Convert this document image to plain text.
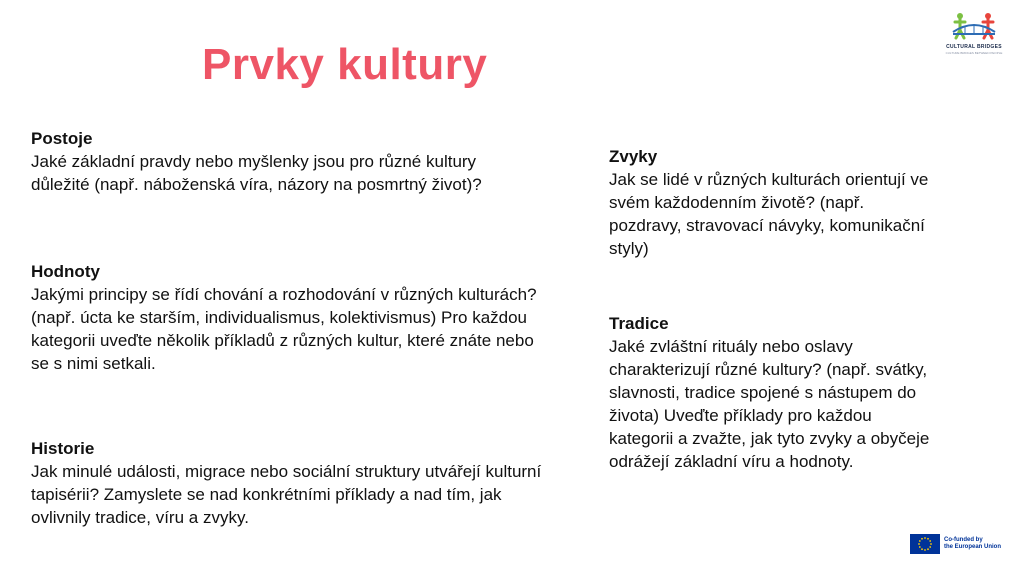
Prvky kultury	CULTURAL BRIDGES
CULTURE BRIDGES BETWEEN PEOPLE
Postoje
Jaké základní pravdy nebo myšlenky jsou pro různé kultury důležité (např. náboženská víra, názory na posmrtný život)?
Hodnoty
Jakými principy se řídí chování a rozhodování v různých kulturách? (např. úcta ke starším, individualismus, kolektivismus) Pro každou kategorii uveďte několik příkladů z různých kultur, které znáte nebo se s nimi setkali.
Historie
Jak minulé události, migrace nebo sociální struktury utvářejí kulturní tapisérii? Zamyslete se nad konkrétními příklady a nad tím, jak ovlivnily tradice, víru a zvyky.
Zvyky
Jak se lidé v různých kulturách orientují ve svém každodenním životě? (např. pozdravy, stravovací návyky, komunikační styly)
Tradice
Jaké zvláštní rituály nebo oslavy charakterizují různé kultury? (např. svátky, slavnosti, tradice spojené s nástupem do života) Uveďte příklady pro každou kategorii a zvažte, jak tyto zvyky a obyčeje odrážejí základní víru a hodnoty.
Co-funded by
the European Union
